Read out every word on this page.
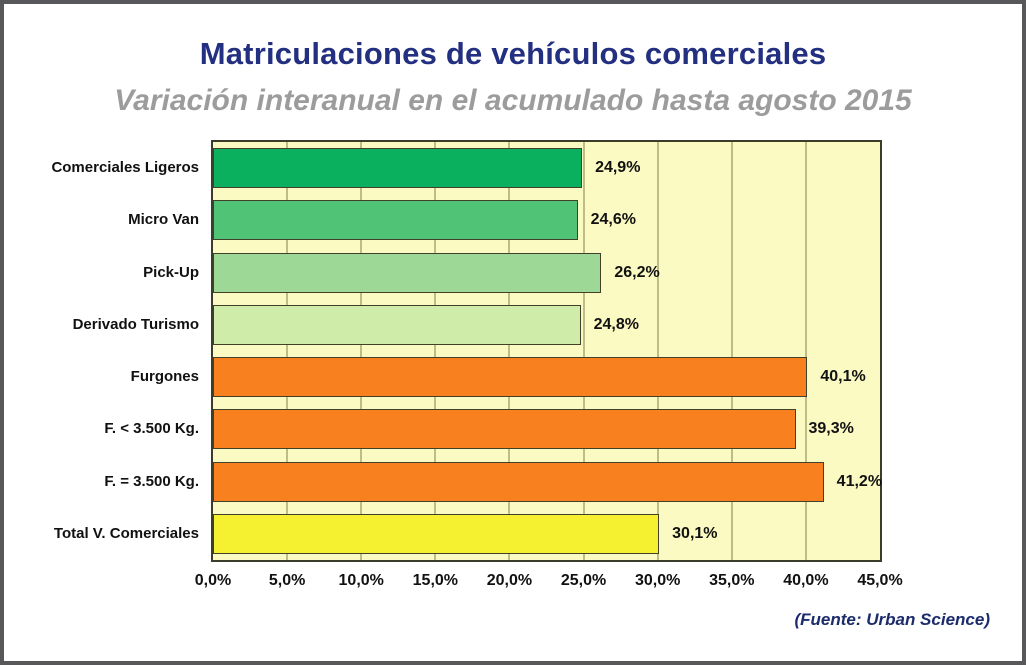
Matriculaciones de vehículos comerciales
Variación interanual en el acumulado hasta agosto 2015
0,0%	5,0%	10,0%	15,0%	20,0%	25,0%	30,0%	35,0%	40,0%	45,0%
Comerciales Ligeros	24,9%
Micro Van	24,6%
Pick-Up	26,2%
Derivado Turismo	24,8%
Furgones	40,1%
F. < 3.500 Kg.	39,3%
F. = 3.500 Kg.	41,2%
Total V. Comerciales	30,1%
(Fuente: Urban Science)
